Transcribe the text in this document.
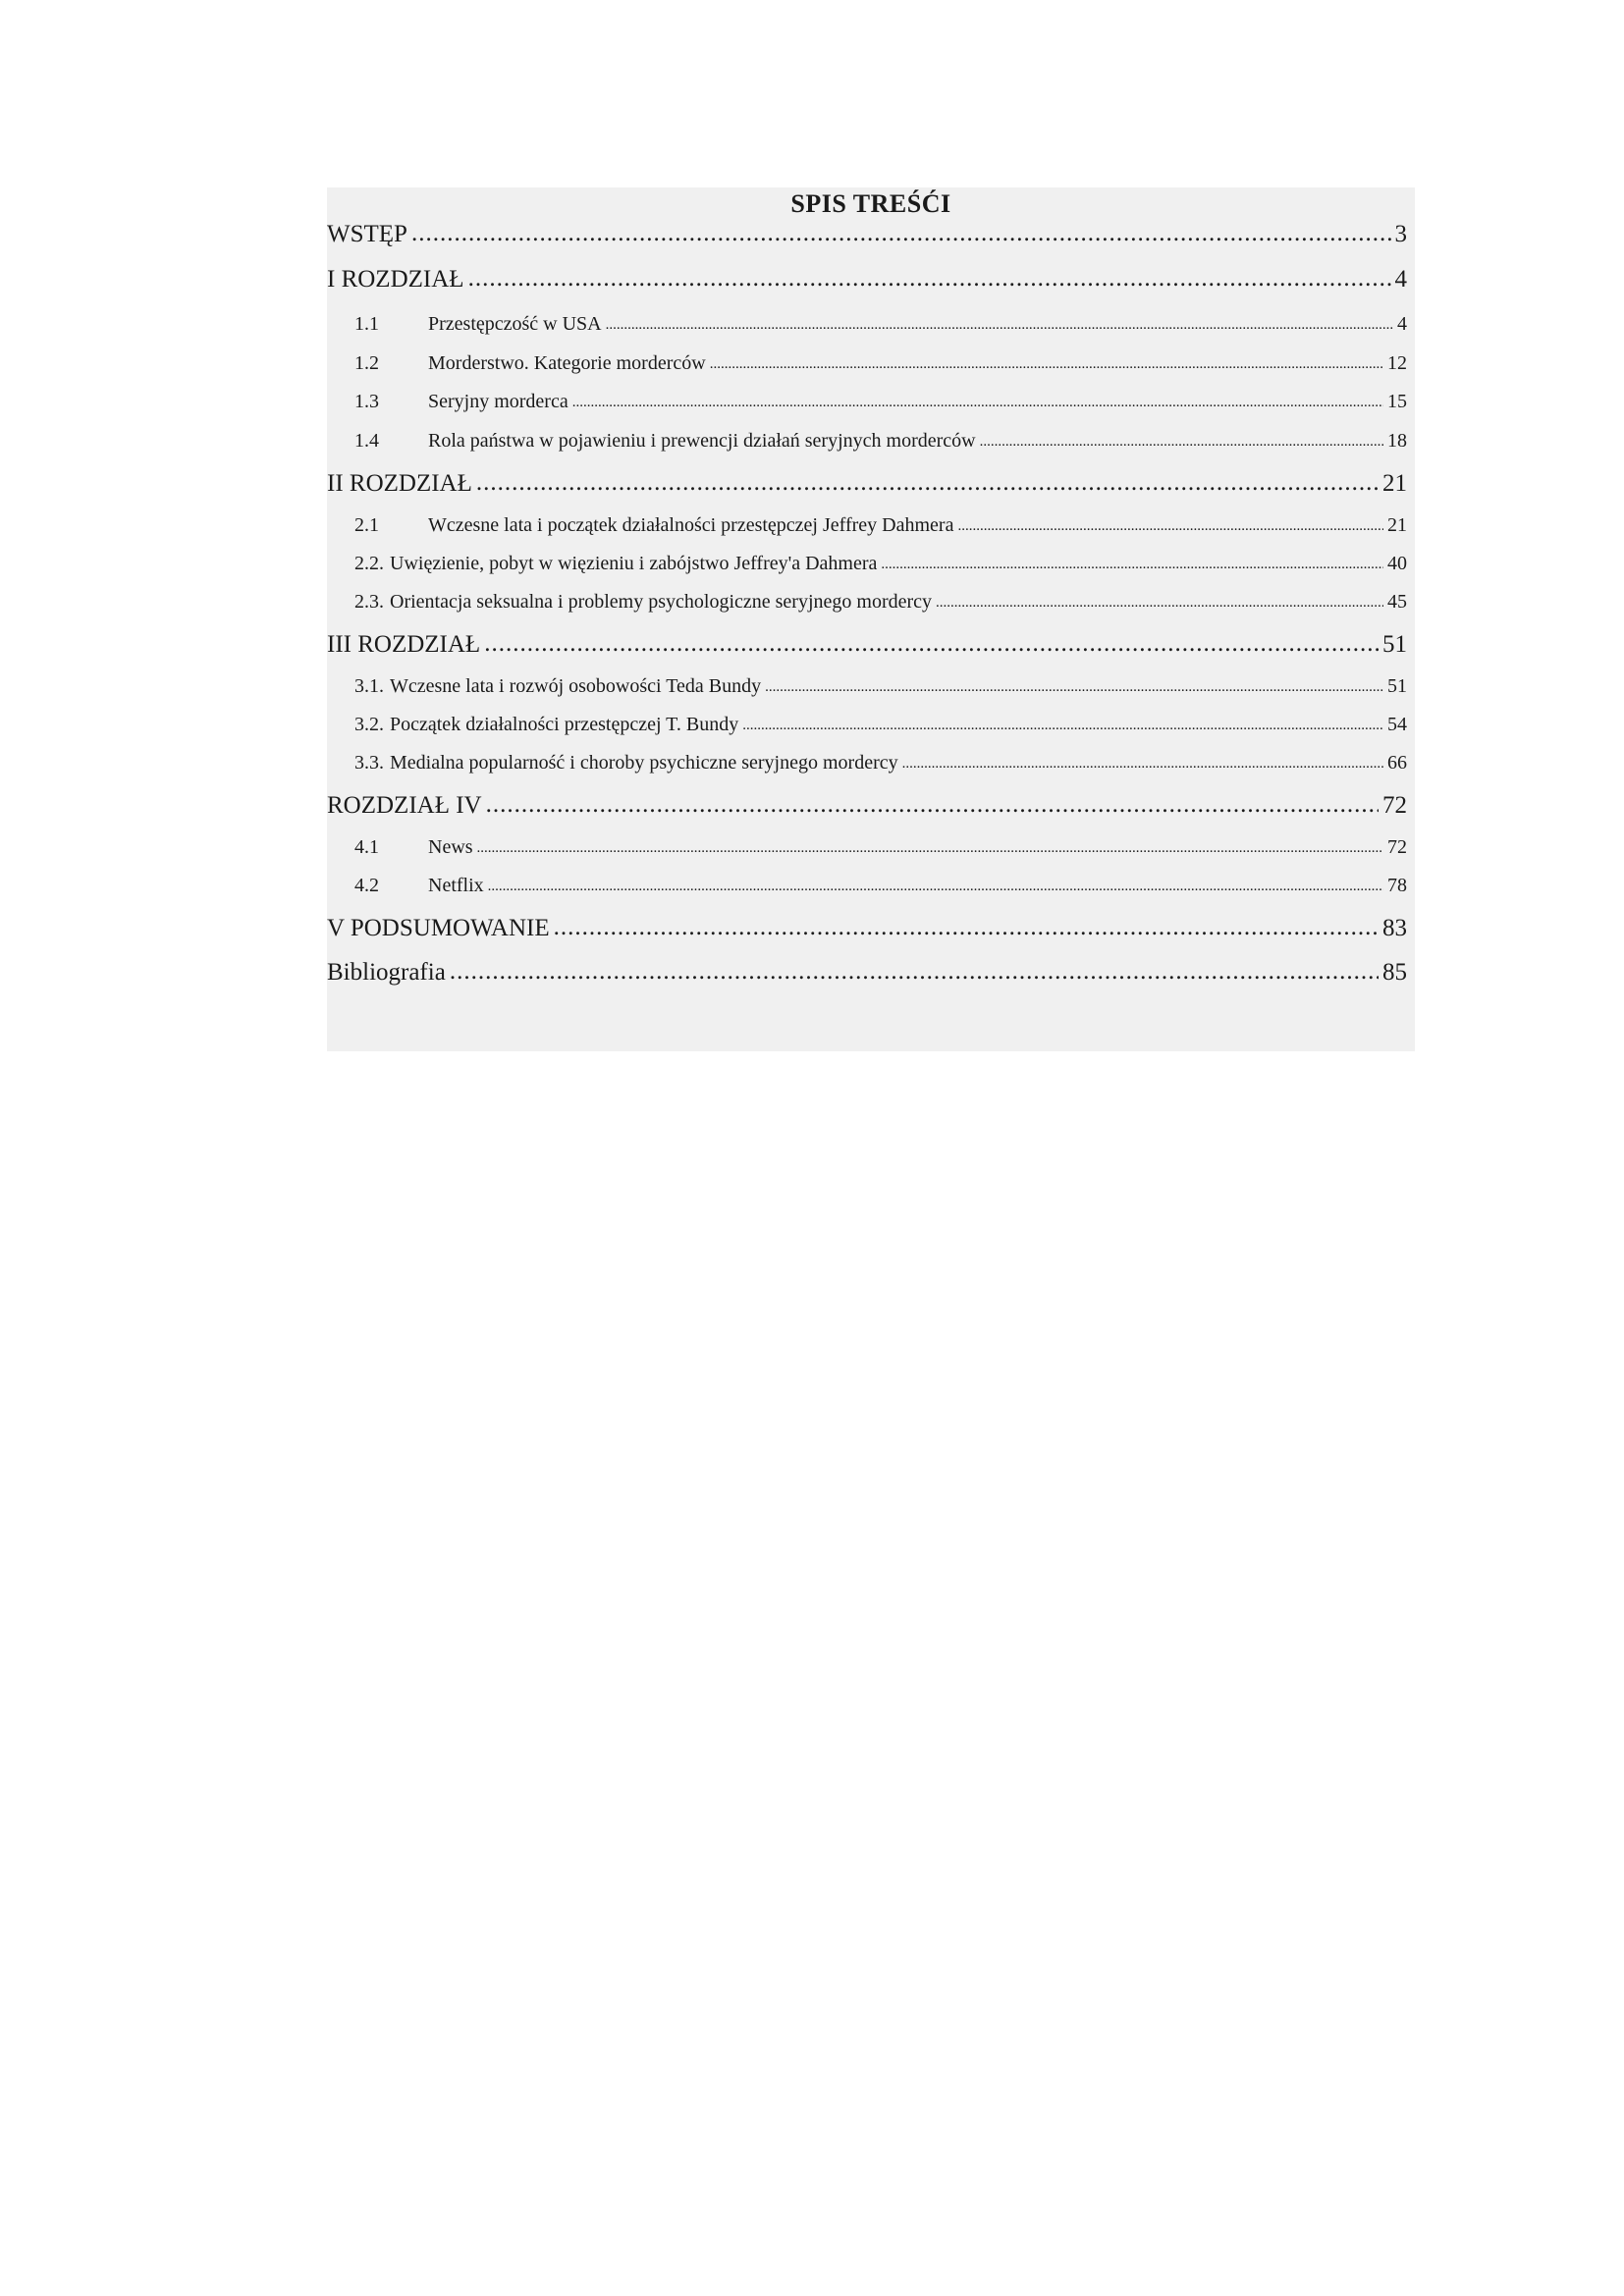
SPIS TREŚĆI
WSTĘP .....	3
I ROZDZIAŁ .....	4
1.1	Przestępczość w USA .....	4
1.2	Morderstwo. Kategorie morderców .....	12
1.3	Seryjny morderca .....	15
1.4	Rola państwa w pojawieniu i prewencji działań seryjnych morderców .....	18
II ROZDZIAŁ .....	21
2.1	Wczesne lata i początek działalności przestępczej Jeffrey Dahmera .....	21
2.2. Uwięzienie, pobyt w więzieniu i zabójstwo Jeffrey'a Dahmera .....	40
2.3. Orientacja seksualna i problemy psychologiczne seryjnego mordercy .....	45
III ROZDZIAŁ .....	51
3.1. Wczesne lata i rozwój osobowości Teda Bundy .....	51
3.2. Początek działalności przestępczej T. Bundy .....	54
3.3. Medialna popularność i choroby psychiczne seryjnego mordercy .....	66
ROZDZIAŁ IV .....	72
4.1	News .....	72
4.2	Netflix .....	78
V PODSUMOWANIE .....	83
Bibliografia .....	85
